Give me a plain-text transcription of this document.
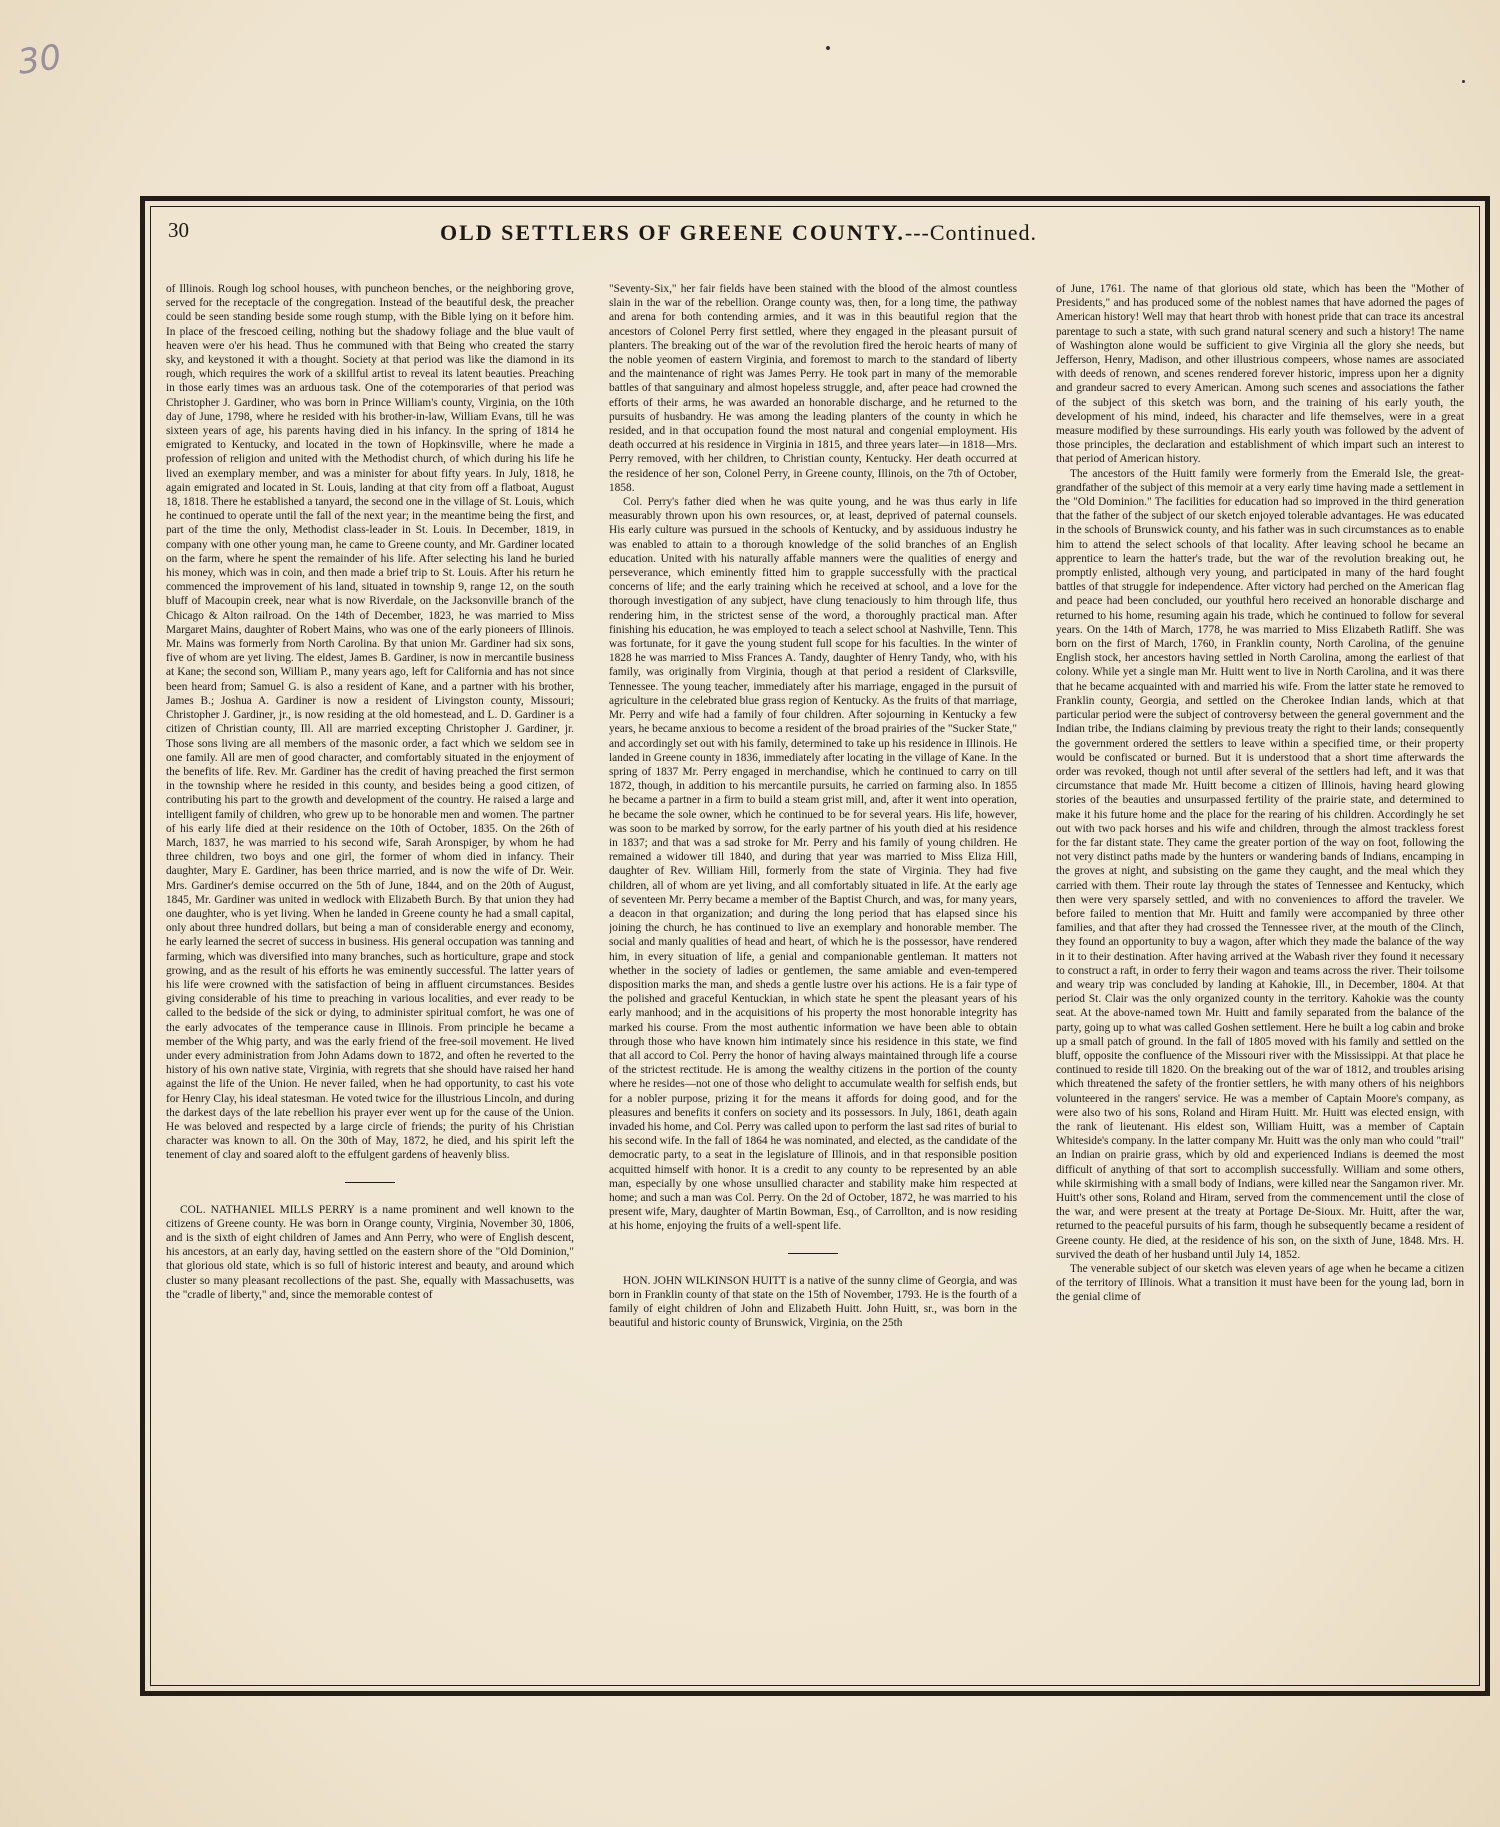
30
30	OLD SETTLERS OF GREENE COUNTY.---Continued.

of Illinois. Rough log school houses, with puncheon benches, or the neighboring grove, served for the receptacle of the congregation. Instead of the beautiful desk, the preacher could be seen standing beside some rough stump, with the Bible lying on it before him. In place of the frescoed ceiling, nothing but the shadowy foliage and the blue vault of heaven were o'er his head. Thus he communed with that Being who created the starry sky, and keystoned it with a thought. Society at that period was like the diamond in its rough, which requires the work of a skillful artist to reveal its latent beauties. Preaching in those early times was an arduous task. One of the cotemporaries of that period was Christopher J. Gardiner, who was born in Prince William's county, Virginia, on the 10th day of June, 1798, where he resided with his brother-in-law, William Evans, till he was sixteen years of age, his parents having died in his infancy. In the spring of 1814 he emigrated to Kentucky, and located in the town of Hopkinsville, where he made a profession of religion and united with the Methodist church, of which during his life he lived an exemplary member, and was a minister for about fifty years. In July, 1818, he again emigrated and located in St. Louis, landing at that city from off a flatboat, August 18, 1818. There he established a tanyard, the second one in the village of St. Louis, which he continued to operate until the fall of the next year; in the meantime being the first, and part of the time the only, Methodist class-leader in St. Louis. In December, 1819, in company with one other young man, he came to Greene county, and Mr. Gardiner located on the farm, where he spent the remainder of his life. After selecting his land he buried his money, which was in coin, and then made a brief trip to St. Louis. After his return he commenced the improvement of his land, situated in township 9, range 12, on the south bluff of Macoupin creek, near what is now Riverdale, on the Jacksonville branch of the Chicago & Alton railroad. On the 14th of December, 1823, he was married to Miss Margaret Mains, daughter of Robert Mains, who was one of the early pioneers of Illinois. Mr. Mains was formerly from North Carolina. By that union Mr. Gardiner had six sons, five of whom are yet living. The eldest, James B. Gardiner, is now in mercantile business at Kane; the second son, William P., many years ago, left for California and has not since been heard from; Samuel G. is also a resident of Kane, and a partner with his brother, James B.; Joshua A. Gardiner is now a resident of Livingston county, Missouri; Christopher J. Gardiner, jr., is now residing at the old homestead, and L. D. Gardiner is a citizen of Christian county, Ill. All are married excepting Christopher J. Gardiner, jr. Those sons living are all members of the masonic order, a fact which we seldom see in one family. All are men of good character, and comfortably situated in the enjoyment of the benefits of life. Rev. Mr. Gardiner has the credit of having preached the first sermon in the township where he resided in this county, and besides being a good citizen, of contributing his part to the growth and development of the country. He raised a large and intelligent family of children, who grew up to be honorable men and women. The partner of his early life died at their residence on the 10th of October, 1835. On the 26th of March, 1837, he was married to his second wife, Sarah Aronspiger, by whom he had three children, two boys and one girl, the former of whom died in infancy. Their daughter, Mary E. Gardiner, has been thrice married, and is now the wife of Dr. Weir. Mrs. Gardiner's demise occurred on the 5th of June, 1844, and on the 20th of August, 1845, Mr. Gardiner was united in wedlock with Elizabeth Burch. By that union they had one daughter, who is yet living. When he landed in Greene county he had a small capital, only about three hundred dollars, but being a man of considerable energy and economy, he early learned the secret of success in business. His general occupation was tanning and farming, which was diversified into many branches, such as horticulture, grape and stock growing, and as the result of his efforts he was eminently successful. The latter years of his life were crowned with the satisfaction of being in affluent circumstances. Besides giving considerable of his time to preaching in various localities, and ever ready to be called to the bedside of the sick or dying, to administer spiritual comfort, he was one of the early advocates of the temperance cause in Illinois. From principle he became a member of the Whig party, and was the early friend of the free-soil movement. He lived under every administration from John Adams down to 1872, and often he reverted to the history of his own native state, Virginia, with regrets that she should have raised her hand against the life of the Union. He never failed, when he had opportunity, to cast his vote for Henry Clay, his ideal statesman. He voted twice for the illustrious Lincoln, and during the darkest days of the late rebellion his prayer ever went up for the cause of the Union. He was beloved and respected by a large circle of friends; the purity of his Christian character was known to all. On the 30th of May, 1872, he died, and his spirit left the tenement of clay and soared aloft to the effulgent gardens of heavenly bliss.

COL. NATHANIEL MILLS PERRY is a name prominent and well known to the citizens of Greene county. He was born in Orange county, Virginia, November 30, 1806, and is the sixth of eight children of James and Ann Perry, who were of English descent, his ancestors, at an early day, having settled on the eastern shore of the "Old Dominion," that glorious old state, which is so full of historic interest and beauty, and around which cluster so many pleasant recollections of the past. She, equally with Massachusetts, was the "cradle of liberty," and, since the memorable contest of

"Seventy-Six," her fair fields have been stained with the blood of the almost countless slain in the war of the rebellion. Orange county was, then, for a long time, the pathway and arena for both contending armies, and it was in this beautiful region that the ancestors of Colonel Perry first settled, where they engaged in the pleasant pursuit of planters. The breaking out of the war of the revolution fired the heroic hearts of many of the noble yeomen of eastern Virginia, and foremost to march to the standard of liberty and the maintenance of right was James Perry. He took part in many of the memorable battles of that sanguinary and almost hopeless struggle, and, after peace had crowned the efforts of their arms, he was awarded an honorable discharge, and he returned to the pursuits of husbandry. He was among the leading planters of the county in which he resided, and in that occupation found the most natural and congenial employment. His death occurred at his residence in Virginia in 1815, and three years later—in 1818—Mrs. Perry removed, with her children, to Christian county, Kentucky. Her death occurred at the residence of her son, Colonel Perry, in Greene county, Illinois, on the 7th of October, 1858.

Col. Perry's father died when he was quite young, and he was thus early in life measurably thrown upon his own resources, or, at least, deprived of paternal counsels. His early culture was pursued in the schools of Kentucky, and by assiduous industry he was enabled to attain to a thorough knowledge of the solid branches of an English education. United with his naturally affable manners were the qualities of energy and perseverance, which eminently fitted him to grapple successfully with the practical concerns of life; and the early training which he received at school, and a love for the thorough investigation of any subject, have clung tenaciously to him through life, thus rendering him, in the strictest sense of the word, a thoroughly practical man. After finishing his education, he was employed to teach a select school at Nashville, Tenn. This was fortunate, for it gave the young student full scope for his faculties. In the winter of 1828 he was married to Miss Frances A. Tandy, daughter of Henry Tandy, who, with his family, was originally from Virginia, though at that period a resident of Clarksville, Tennessee. The young teacher, immediately after his marriage, engaged in the pursuit of agriculture in the celebrated blue grass region of Kentucky. As the fruits of that marriage, Mr. Perry and wife had a family of four children. After sojourning in Kentucky a few years, he became anxious to become a resident of the broad prairies of the "Sucker State," and accordingly set out with his family, determined to take up his residence in Illinois. He landed in Greene county in 1836, immediately after locating in the village of Kane. In the spring of 1837 Mr. Perry engaged in merchandise, which he continued to carry on till 1872, though, in addition to his mercantile pursuits, he carried on farming also. In 1855 he became a partner in a firm to build a steam grist mill, and, after it went into operation, he became the sole owner, which he continued to be for several years. His life, however, was soon to be marked by sorrow, for the early partner of his youth died at his residence in 1837; and that was a sad stroke for Mr. Perry and his family of young children. He remained a widower till 1840, and during that year was married to Miss Eliza Hill, daughter of Rev. William Hill, formerly from the state of Virginia. They had five children, all of whom are yet living, and all comfortably situated in life. At the early age of seventeen Mr. Perry became a member of the Baptist Church, and was, for many years, a deacon in that organization; and during the long period that has elapsed since his joining the church, he has continued to live an exemplary and honorable member. The social and manly qualities of head and heart, of which he is the possessor, have rendered him, in every situation of life, a genial and companionable gentleman. It matters not whether in the society of ladies or gentlemen, the same amiable and even-tempered disposition marks the man, and sheds a gentle lustre over his actions. He is a fair type of the polished and graceful Kentuckian, in which state he spent the pleasant years of his early manhood; and in the acquisitions of his property the most honorable integrity has marked his course. From the most authentic information we have been able to obtain through those who have known him intimately since his residence in this state, we find that all accord to Col. Perry the honor of having always maintained through life a course of the strictest rectitude. He is among the wealthy citizens in the portion of the county where he resides—not one of those who delight to accumulate wealth for selfish ends, but for a nobler purpose, prizing it for the means it affords for doing good, and for the pleasures and benefits it confers on society and its possessors. In July, 1861, death again invaded his home, and Col. Perry was called upon to perform the last sad rites of burial to his second wife. In the fall of 1864 he was nominated, and elected, as the candidate of the democratic party, to a seat in the legislature of Illinois, and in that responsible position acquitted himself with honor. It is a credit to any county to be represented by an able man, especially by one whose unsullied character and stability make him respected at home; and such a man was Col. Perry. On the 2d of October, 1872, he was married to his present wife, Mary, daughter of Martin Bowman, Esq., of Carrollton, and is now residing at his home, enjoying the fruits of a well-spent life.

HON. JOHN WILKINSON HUITT is a native of the sunny clime of Georgia, and was born in Franklin county of that state on the 15th of November, 1793. He is the fourth of a family of eight children of John and Elizabeth Huitt. John Huitt, sr., was born in the beautiful and historic county of Brunswick, Virginia, on the 25th

of June, 1761. The name of that glorious old state, which has been the "Mother of Presidents," and has produced some of the noblest names that have adorned the pages of American history! Well may that heart throb with honest pride that can trace its ancestral parentage to such a state, with such grand natural scenery and such a history! The name of Washington alone would be sufficient to give Virginia all the glory she needs, but Jefferson, Henry, Madison, and other illustrious compeers, whose names are associated with deeds of renown, and scenes rendered forever historic, impress upon her a dignity and grandeur sacred to every American. Among such scenes and associations the father of the subject of this sketch was born, and the training of his early youth, the development of his mind, indeed, his character and life themselves, were in a great measure modified by these surroundings. His early youth was followed by the advent of those principles, the declaration and establishment of which impart such an interest to that period of American history.

The ancestors of the Huitt family were formerly from the Emerald Isle, the great-grandfather of the subject of this memoir at a very early time having made a settlement in the "Old Dominion." The facilities for education had so improved in the third generation that the father of the subject of our sketch enjoyed tolerable advantages. He was educated in the schools of Brunswick county, and his father was in such circumstances as to enable him to attend the select schools of that locality. After leaving school he became an apprentice to learn the hatter's trade, but the war of the revolution breaking out, he promptly enlisted, although very young, and participated in many of the hard fought battles of that struggle for independence. After victory had perched on the American flag and peace had been concluded, our youthful hero received an honorable discharge and returned to his home, resuming again his trade, which he continued to follow for several years. On the 14th of March, 1778, he was married to Miss Elizabeth Ratliff. She was born on the first of March, 1760, in Franklin county, North Carolina, of the genuine English stock, her ancestors having settled in North Carolina, among the earliest of that colony. While yet a single man Mr. Huitt went to live in North Carolina, and it was there that he became acquainted with and married his wife. From the latter state he removed to Franklin county, Georgia, and settled on the Cherokee Indian lands, which at that particular period were the subject of controversy between the general government and the Indian tribe, the Indians claiming by previous treaty the right to their lands; consequently the government ordered the settlers to leave within a specified time, or their property would be confiscated or burned. But it is understood that a short time afterwards the order was revoked, though not until after several of the settlers had left, and it was that circumstance that made Mr. Huitt become a citizen of Illinois, having heard glowing stories of the beauties and unsurpassed fertility of the prairie state, and determined to make it his future home and the place for the rearing of his children. Accordingly he set out with two pack horses and his wife and children, through the almost trackless forest for the far distant state. They came the greater portion of the way on foot, following the not very distinct paths made by the hunters or wandering bands of Indians, encamping in the groves at night, and subsisting on the game they caught, and the meal which they carried with them. Their route lay through the states of Tennessee and Kentucky, which then were very sparsely settled, and with no conveniences to afford the traveler. We before failed to mention that Mr. Huitt and family were accompanied by three other families, and that after they had crossed the Tennessee river, at the mouth of the Clinch, they found an opportunity to buy a wagon, after which they made the balance of the way in it to their destination. After having arrived at the Wabash river they found it necessary to construct a raft, in order to ferry their wagon and teams across the river. Their toilsome and weary trip was concluded by landing at Kahokie, Ill., in December, 1804. At that period St. Clair was the only organized county in the territory. Kahokie was the county seat. At the above-named town Mr. Huitt and family separated from the balance of the party, going up to what was called Goshen settlement. Here he built a log cabin and broke up a small patch of ground. In the fall of 1805 moved with his family and settled on the bluff, opposite the confluence of the Missouri river with the Mississippi. At that place he continued to reside till 1820. On the breaking out of the war of 1812, and troubles arising which threatened the safety of the frontier settlers, he with many others of his neighbors volunteered in the rangers' service. He was a member of Captain Moore's company, as were also two of his sons, Roland and Hiram Huitt. Mr. Huitt was elected ensign, with the rank of lieutenant. His eldest son, William Huitt, was a member of Captain Whiteside's company. In the latter company Mr. Huitt was the only man who could "trail" an Indian on prairie grass, which by old and experienced Indians is deemed the most difficult of anything of that sort to accomplish successfully. William and some others, while skirmishing with a small body of Indians, were killed near the Sangamon river. Mr. Huitt's other sons, Roland and Hiram, served from the commencement until the close of the war, and were present at the treaty at Portage De-Sioux. Mr. Huitt, after the war, returned to the peaceful pursuits of his farm, though he subsequently became a resident of Greene county. He died, at the residence of his son, on the sixth of June, 1848. Mrs. H. survived the death of her husband until July 14, 1852.

The venerable subject of our sketch was eleven years of age when he became a citizen of the territory of Illinois. What a transition it must have been for the young lad, born in the genial clime of
